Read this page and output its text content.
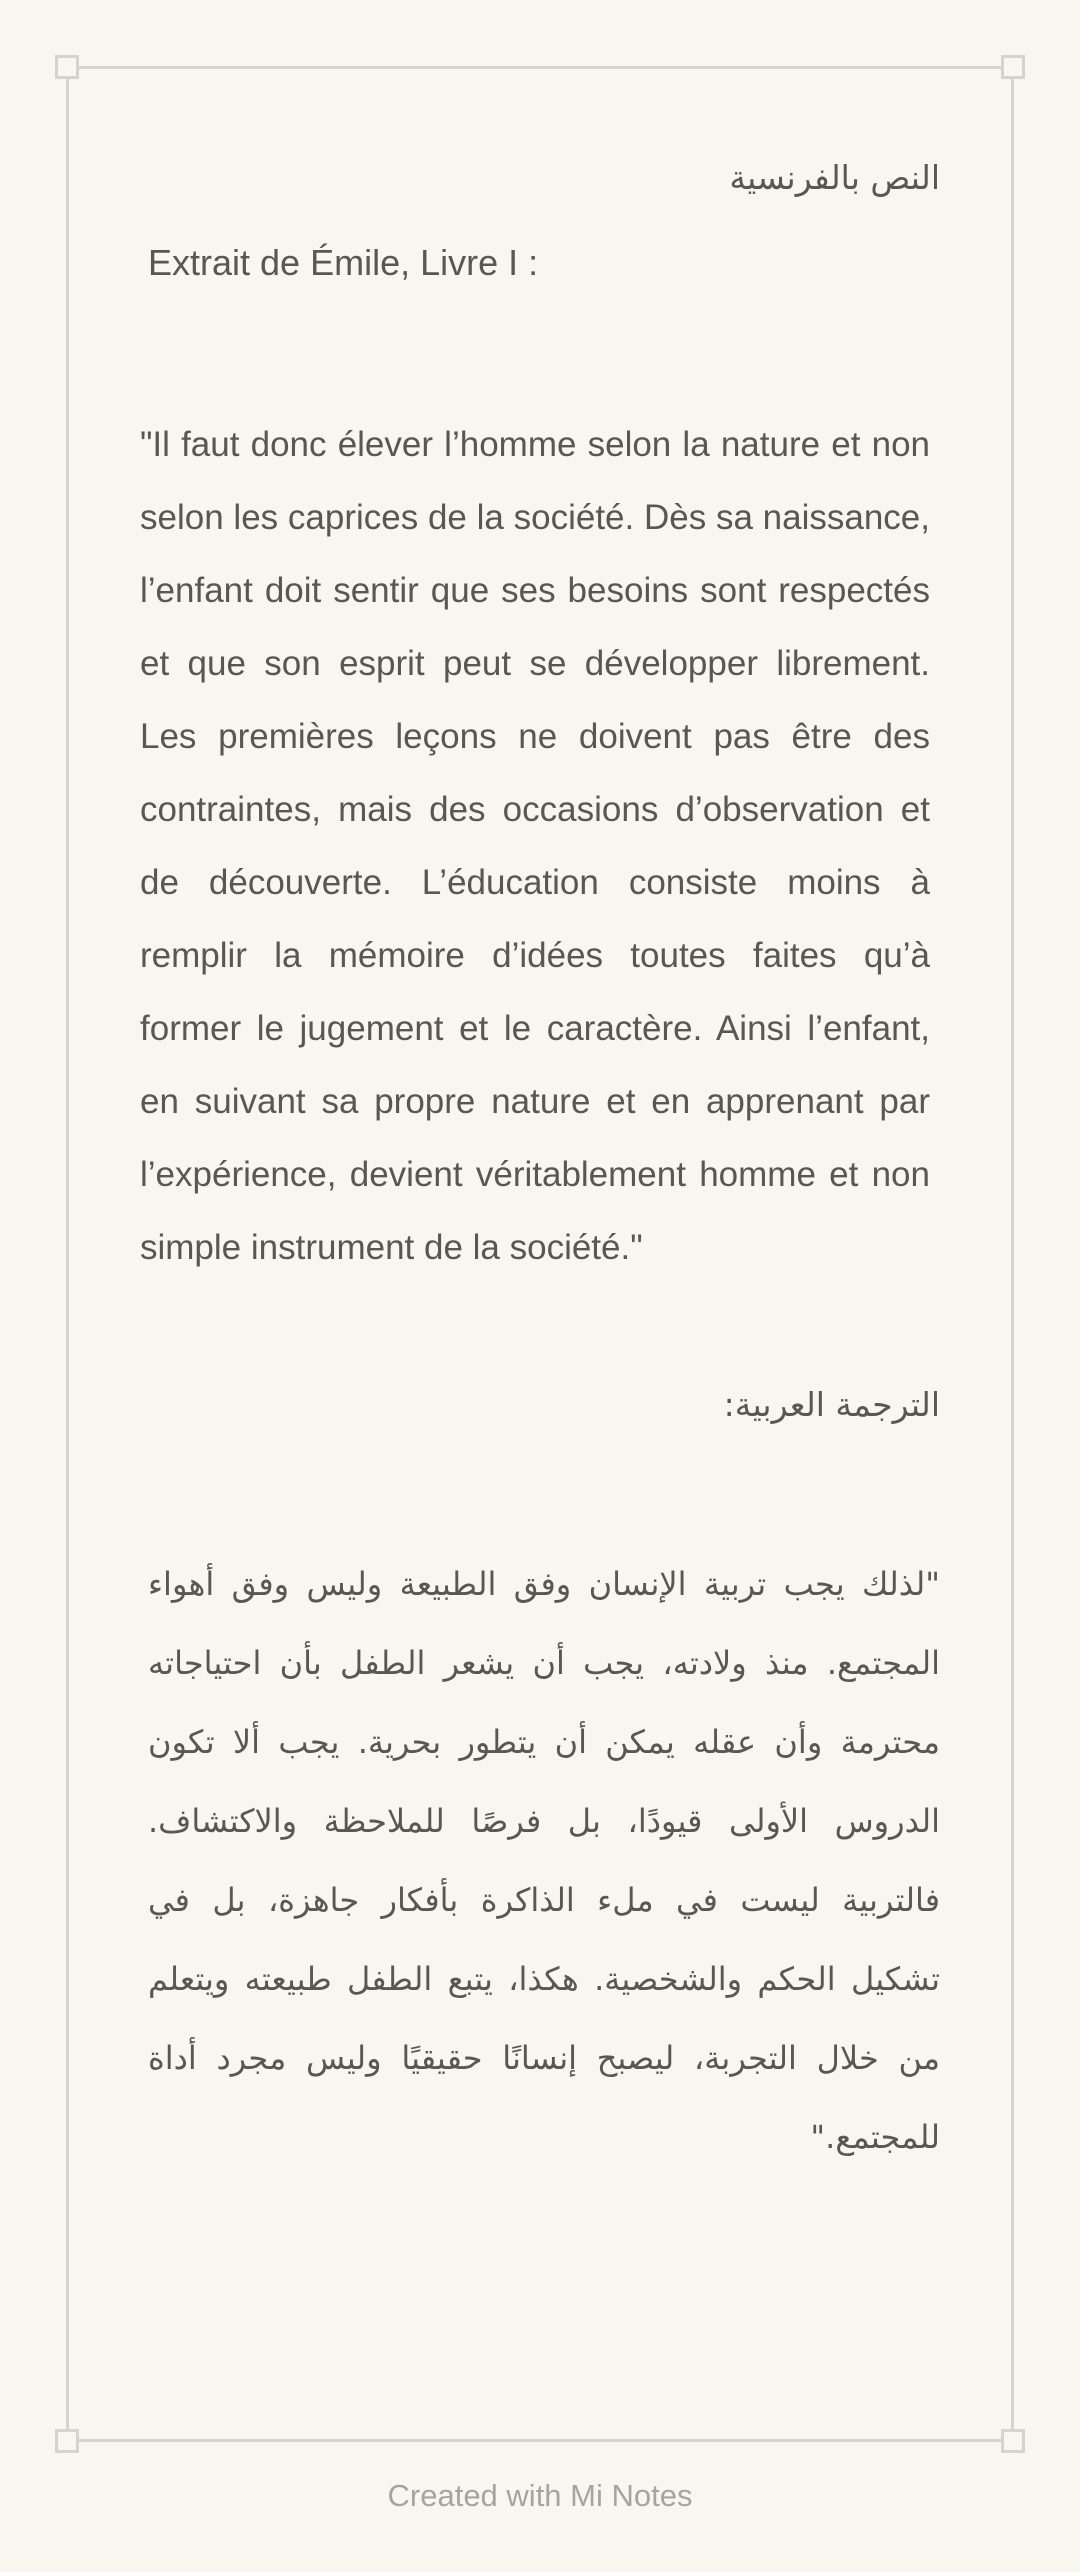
النص بالفرنسية
Extrait de Émile, Livre I :
"Il faut donc élever l’homme selon la nature et non selon les caprices de la société. Dès sa naissance, l’enfant doit sentir que ses besoins sont respectés et que son esprit peut se développer librement. Les premières leçons ne doivent pas être des contraintes, mais des occasions d’observation et de découverte. L’éducation consiste moins à remplir la mémoire d’idées toutes faites qu’à former le jugement et le caractère. Ainsi l’enfant, en suivant sa propre nature et en apprenant par l’expérience, devient véritablement homme et non simple instrument de la société."
الترجمة العربية:
"لذلك يجب تربية الإنسان وفق الطبيعة وليس وفق أهواء المجتمع. منذ ولادته، يجب أن يشعر الطفل بأن احتياجاته محترمة وأن عقله يمكن أن يتطور بحرية. يجب ألا تكون الدروس الأولى قيودًا، بل فرصًا للملاحظة والاكتشاف. فالتربية ليست في ملء الذاكرة بأفكار جاهزة، بل في تشكيل الحكم والشخصية. هكذا، يتبع الطفل طبيعته ويتعلم من خلال التجربة، ليصبح إنسانًا حقيقيًا وليس مجرد أداة للمجتمع."
Created with Mi Notes
